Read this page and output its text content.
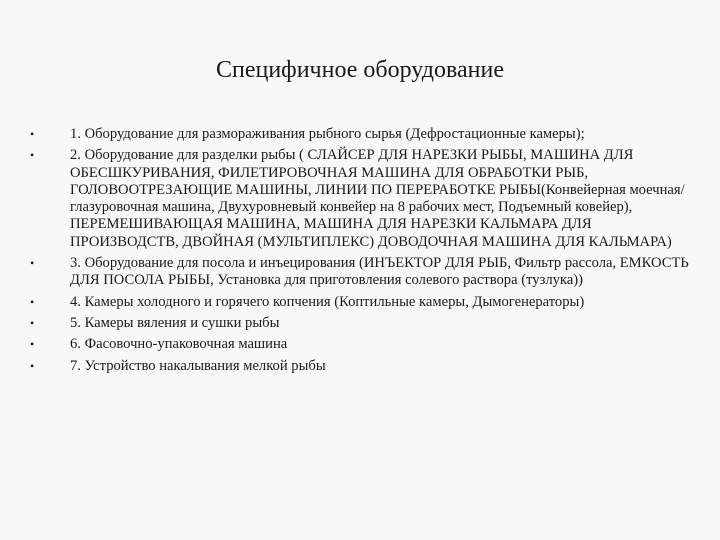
Специфичное оборудование
• 1. Оборудование для размораживания рыбного сырья (Дефростационные камеры);
• 2. Оборудование для разделки рыбы ( СЛАЙСЕР ДЛЯ НАРЕЗКИ РЫБЫ, МАШИНА ДЛЯ ОБЕСШКУРИВАНИЯ, ФИЛЕТИРОВОЧНАЯ МАШИНА ДЛЯ ОБРАБОТКИ РЫБ, ГОЛОВООТРЕЗАЮЩИЕ МАШИНЫ, ЛИНИИ ПО ПЕРЕРАБОТКЕ РЫБЫ(Конвейерная моечная/глазуровочная машина, Двухуровневый конвейер на 8 рабочих мест, Подъемный ковейер), ПЕРЕМЕШИВАЮЩАЯ МАШИНА, МАШИНА ДЛЯ НАРЕЗКИ КАЛЬМАРА ДЛЯ ПРОИЗВОДСТВ, ДВОЙНАЯ (МУЛЬТИПЛЕКС) ДОВОДОЧНАЯ МАШИНА ДЛЯ КАЛЬМАРА)
• 3. Оборудование для посола и инъецирования (ИНЪЕКТОР ДЛЯ РЫБ, Фильтр рассола, ЕМКОСТЬ ДЛЯ ПОСОЛА РЫБЫ, Установка для приготовления солевого раствора (тузлука))
• 4. Камеры холодного и горячего копчения (Коптильные камеры, Дымогенераторы)
• 5. Камеры вяления и сушки рыбы
• 6. Фасовочно-упаковочная машина
• 7. Устройство накалывания мелкой рыбы
